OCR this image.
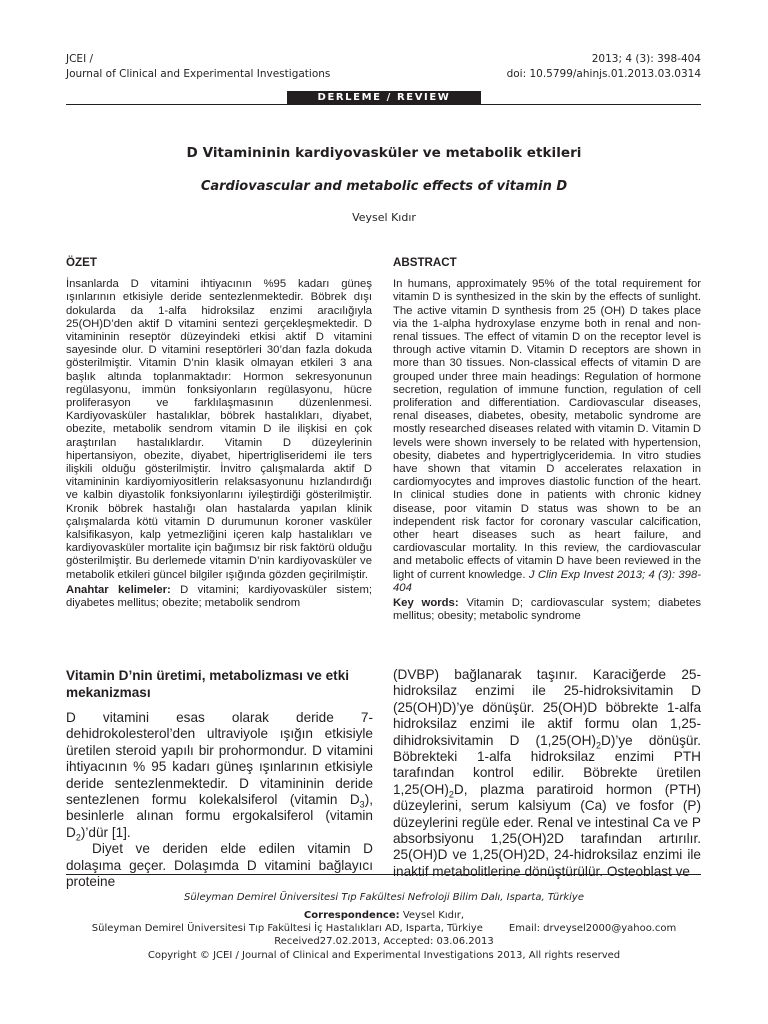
JCEI /
Journal of Clinical and Experimental Investigations
2013; 4 (3): 398-404
doi: 10.5799/ahinjs.01.2013.03.0314
DERLEME / REVIEW ARTICLE
D Vitamininin kardiyovasküler ve metabolik etkileri
Cardiovascular and metabolic effects of vitamin D
Veysel Kıdır
ÖZET
İnsanlarda D vitamini ihtiyacının %95 kadarı güneş ışınlarının etkisiyle deride sentezlenmektedir. Böbrek dışı dokularda da 1-alfa hidroksilaz enzimi aracılığıyla 25(OH)D’den aktif D vitamini sentezi gerçekleşmektedir. D vitamininin reseptör düzeyindeki etkisi aktif D vitamini sayesinde olur. D vitamini reseptörleri 30’dan fazla dokuda gösterilmiştir. Vitamin D’nin klasik olmayan etkileri 3 ana başlık altında toplanmaktadır: Hormon sekresyonunun regülasyonu, immün fonksiyonların regülasyonu, hücre proliferasyon ve farklılaşmasının düzenlenmesi. Kardiyovasküler hastalıklar, böbrek hastalıkları, diyabet, obezite, metabolik sendrom vitamin D ile ilişkisi en çok araştırılan hastalıklardır. Vitamin D düzeylerinin hipertansiyon, obezite, diyabet, hipertrigliseridemi ile ters ilişkili olduğu gösterilmiştir. İnvitro çalışmalarda aktif D vitamininin kardiyomiyositlerin relaksasyonunu hızlandırdığı ve kalbin diyastolik fonksiyonlarını iyileştirdiği gösterilmiştir. Kronik böbrek hastalığı olan hastalarda yapılan klinik çalışmalarda kötü vitamin D durumunun koroner vasküler kalsifikasyon, kalp yetmezliğini içeren kalp hastalıkları ve kardiyovasküler mortalite için bağımsız bir risk faktörü olduğu gösterilmiştir. Bu derlemede vitamin D’nin kardiyovasküler ve metabolik etkileri güncel bilgiler ışığında gözden geçirilmiştir.
Anahtar kelimeler: D vitamini; kardiyovasküler sistem; diyabetes mellitus; obezite; metabolik sendrom
ABSTRACT
In humans, approximately 95% of the total requirement for vitamin D is synthesized in the skin by the effects of sunlight. The active vitamin D synthesis from 25 (OH) D takes place via the 1-alpha hydroxylase enzyme both in renal and non-renal tissues. The effect of vitamin D on the receptor level is through active vitamin D. Vitamin D receptors are shown in more than 30 tissues. Non-classical effects of vitamin D are grouped under three main headings: Regulation of hormone secretion, regulation of immune function, regulation of cell proliferation and differentiation. Cardiovascular diseases, renal diseases, diabetes, obesity, metabolic syndrome are mostly researched diseases related with vitamin D. Vitamin D levels were shown inversely to be related with hypertension, obesity, diabetes and hypertriglyceridemia. In vitro studies have shown that vitamin D accelerates relaxation in cardiomyocytes and improves diastolic function of the heart. In clinical studies done in patients with chronic kidney disease, poor vitamin D status was shown to be an independent risk factor for coronary vascular calcification, other heart diseases such as heart failure, and cardiovascular mortality. In this review, the cardiovascular and metabolic effects of vitamin D have been reviewed in the light of current knowledge. J Clin Exp Invest 2013; 4 (3): 398-404
Key words: Vitamin D; cardiovascular system; diabetes mellitus; obesity; metabolic syndrome
Vitamin D’nin üretimi, metabolizması ve etki mekanizması
D vitamini esas olarak deride 7-dehidrokolesterol’den ultraviyole ışığın etkisiyle üretilen steroid yapılı bir prohormondur. D vitamini ihtiyacının % 95 kadarı güneş ışınlarının etkisiyle deride sentezlenmektedir. D vitamininin deride sentezlenen formu kolekalsiferol (vitamin $D_3$), besinlerle alınan formu ergokalsiferol (vitamin $D_2)’dür$ [1].
Diyet ve deriden elde edilen vitamin D dolaşıma geçer. Dolaşımda D vitamini bağlayıcı proteine
(DVBP) bağlanarak taşınır. Karaciğerde 25-hidroksilaz enzimi ile 25-hidroksivitamin D (25(OH)D)’ye dönüşür. 25(OH)D böbrekte 1-alfa hidroksilaz enzimi ile aktif formu olan 1,25-dihidroksivitamin D $(1,25(OH)_2D)’ye$ dönüşür. Böbrekteki 1-alfa hidroksilaz enzimi PTH tarafından kontrol edilir. Böbrekte üretilen $1,25(OH)_2D$, plazma paratiroid hormon (PTH) düzeylerini, serum kalsiyum (Ca) ve fosfor (P) düzeylerini regüle eder. Renal ve intestinal Ca ve P absorbsiyonu 1,25(OH)2D tarafından artırılır. 25(OH)D ve 1,25(OH)2D, 24-hidroksilaz enzimi ile inaktif metabolitlerine dönüştürülür. Osteoblast ve
Süleyman Demirel Üniversitesi Tıp Fakültesi Nefroloji Bilim Dalı, Isparta, Türkiye
Correspondence: Veysel Kıdır,
Süleyman Demirel Üniversitesi Tıp Fakültesi İç Hastalıkları AD, Isparta, Türkiye	Email: drveysel2000@yahoo.com
Received27.02.2013, Accepted: 03.06.2013
Copyright © JCEI / Journal of Clinical and Experimental Investigations 2013, All rights reserved
